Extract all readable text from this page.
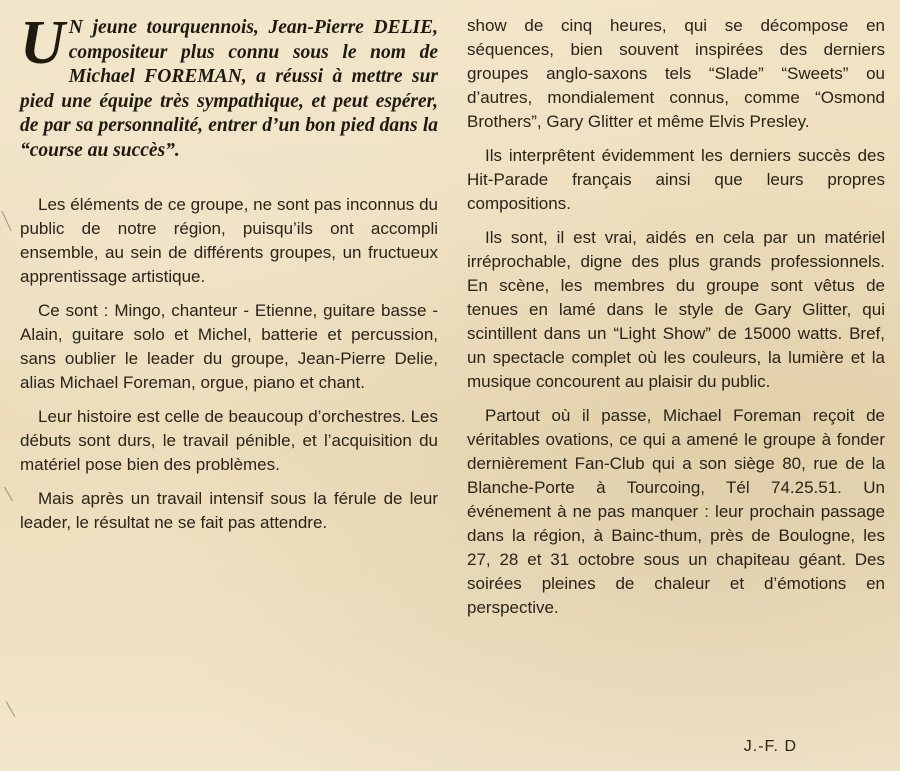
UN jeune tourquennois, Jean-Pierre DELIE, compositeur plus connu sous le nom de Michael FOREMAN, a réussi à mettre sur pied une équipe très sympathique, et peut espérer, de par sa personnalité, entrer d’un bon pied dans la “course au succès”.

Les éléments de ce groupe, ne sont pas inconnus du public de notre région, puisqu’ils ont accompli ensemble, au sein de différents groupes, un fructueux apprentissage artistique.

Ce sont : Mingo, chanteur - Etienne, guitare basse - Alain, guitare solo et Michel, batterie et percussion, sans oublier le leader du groupe, Jean-Pierre Delie, alias Michael Foreman, orgue, piano et chant.

Leur histoire est celle de beaucoup d’orchestres. Les débuts sont durs, le travail pénible, et l’acquisition du matériel pose bien des problèmes.

Mais après un travail intensif sous la férule de leur leader, le résultat ne se fait pas attendre.

show de cinq heures, qui se décompose en séquences, bien souvent inspirées des derniers groupes anglo-saxons tels “Slade” “Sweets” ou d’autres, mondialement connus, comme “Osmond Brothers”, Gary Glitter et même Elvis Presley.

Ils interprêtent évidemment les derniers succès des Hit-Parade français ainsi que leurs propres compositions.

Ils sont, il est vrai, aidés en cela par un matériel irréprochable, digne des plus grands professionnels. En scène, les membres du groupe sont vêtus de tenues en lamé dans le style de Gary Glitter, qui scintillent dans un “Light Show” de 15000 watts. Bref, un spectacle complet où les couleurs, la lumière et la musique concourent au plaisir du public.

Partout où il passe, Michael Foreman reçoit de véritables ovations, ce qui a amené le groupe à fonder dernièrement Fan-Club qui a son siège 80, rue de la Blanche-Porte à Tourcoing, Tél 74.25.51. Un événement à ne pas manquer : leur prochain passage dans la région, à Bainc-thum, près de Boulogne, les 27, 28 et 31 octobre sous un chapiteau géant. Des soirées pleines de chaleur et d’émotions en perspective.

J.-F. D
